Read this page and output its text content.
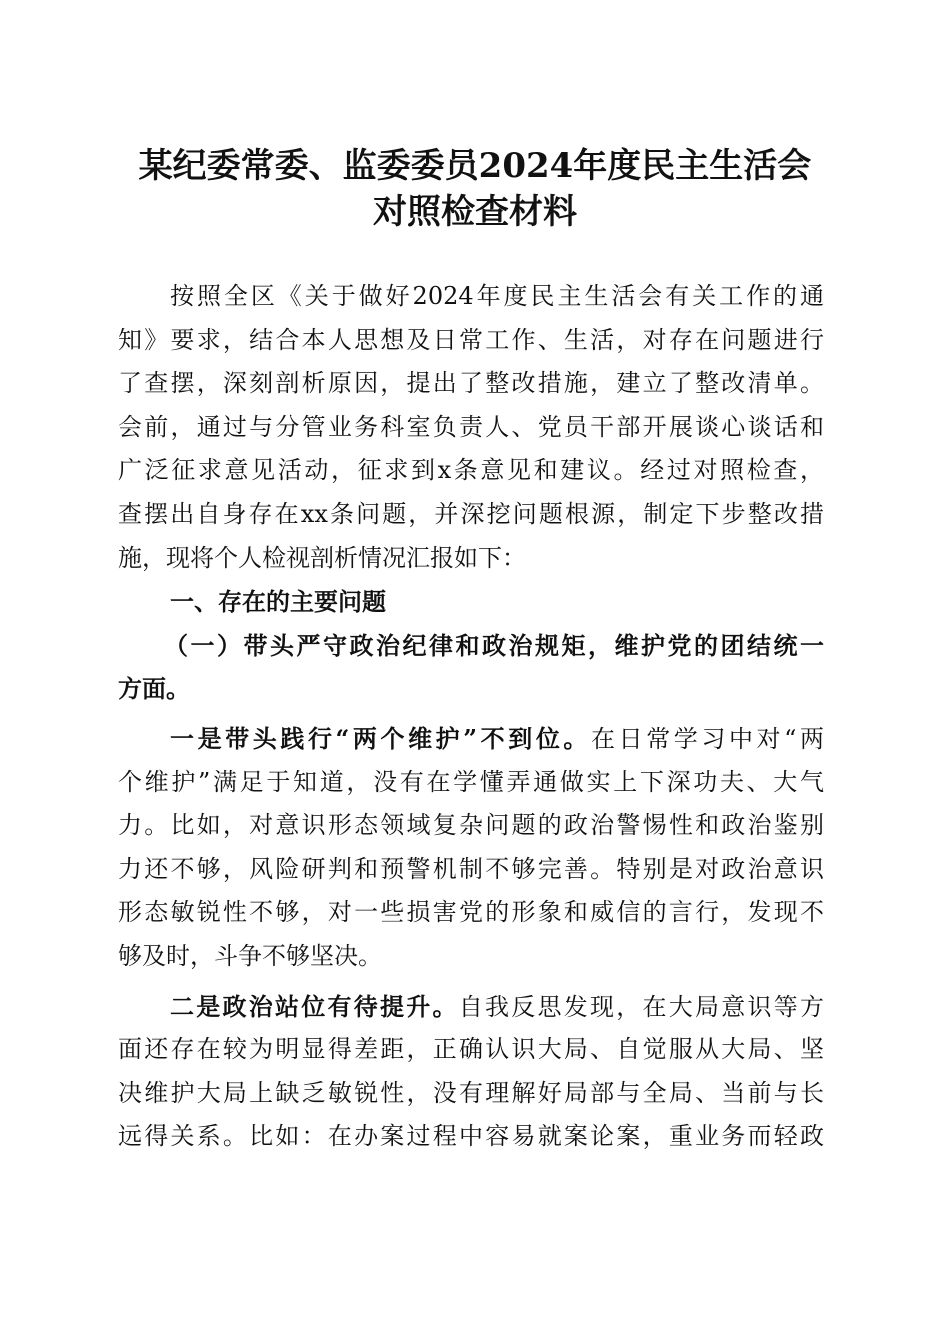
某纪委常委、监委委员2024年度民主生活会
对照检查材料
按照全区《关于做好2024年度民主生活会有关工作的通
知》要求，结合本人思想及日常工作、生活，对存在问题进行
了查摆，深刻剖析原因，提出了整改措施，建立了整改清单。
会前，通过与分管业务科室负责人、党员干部开展谈心谈话和
广泛征求意见活动，征求到x条意见和建议。经过对照检查，
查摆出自身存在xx条问题，并深挖问题根源，制定下步整改措
施，现将个人检视剖析情况汇报如下：
一、存在的主要问题
（一）带头严守政治纪律和政治规矩，维护党的团结统一
方面。
一是带头践行“两个维护”不到位。在日常学习中对“两
个维护”满足于知道，没有在学懂弄通做实上下深功夫、大气
力。比如，对意识形态领域复杂问题的政治警惕性和政治鉴别
力还不够，风险研判和预警机制不够完善。特别是对政治意识
形态敏锐性不够，对一些损害党的形象和威信的言行，发现不
够及时，斗争不够坚决。
二是政治站位有待提升。自我反思发现，在大局意识等方
面还存在较为明显得差距，正确认识大局、自觉服从大局、坚
决维护大局上缺乏敏锐性，没有理解好局部与全局、当前与长
远得关系。比如：在办案过程中容易就案论案，重业务而轻政
